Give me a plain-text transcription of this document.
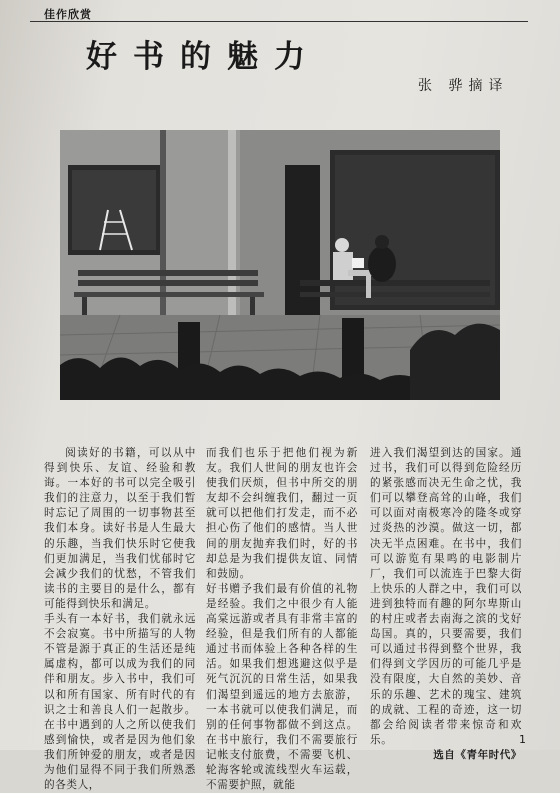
佳作欣赏
好书的魅力
张 骅摘译

阅读好的书籍，可以从中得到快乐、友谊、经验和教诲。一本好的书可以完全吸引我们的注意力，以至于我们暂时忘记了周围的一切事物甚至我们本身。读好书是人生最大的乐趣，当我们快乐时它使我们更加满足，当我们忧郁时它会减少我们的忧愁，不管我们读书的主要目的是什么，都有可能得到快乐和满足。
手头有一本好书，我们就永远不会寂寞。书中所描写的人物不管是源于真正的生活还是纯属虚构，都可以成为我们的同伴和朋友。步入书中，我们可以和所有国家、所有时代的有识之士和善良人们一起散步。在书中遇到的人之所以使我们感到愉快，或者是因为他们象我们所钟爱的朋友，或者是因为他们显得不同于我们所熟悉的各类人，

而我们也乐于把他们视为新友。我们人世间的朋友也许会使我们厌烦，但书中所交的朋友却不会纠缠我们，翻过一页就可以把他们打发走，而不必担心伤了他们的感情。当人世间的朋友抛弃我们时，好的书却总是为我们提供友谊、同情和鼓励。
好书赠予我们最有价值的礼物是经验。我们之中很少有人能高棠远游或者具有非常丰富的经验，但是我们所有的人都能通过书而体验上各种各样的生活。如果我们想逃避这似乎是死气沉沉的日常生活，如果我们渴望到遥远的地方去旅游，一本书就可以使我们满足，而别的任何事物都做不到这点。在书中旅行，我们不需要旅行记帐支付旅费，不需要飞机、轮海客轮或流线型火车运载，不需要护照，就能

进入我们渴望到达的国家。通过书，我们可以得到危险经历的紧张感而决无生命之忧，我们可以攀登高耸的山峰，我们可以面对南极寒冷的隆冬或穿过炎热的沙漠。做这一切，都决无半点困难。在书中，我们可以游览有果鸣的电影制片厂，我们可以流连于巴黎大街上快乐的人群之中，我们可以进到独特而有趣的阿尔卑斯山的村庄或者去南海之滨的戈好岛国。真的，只要需要，我们可以通过书得到整个世界，我们得到文学因历的可能几乎是没有限度，大自然的美妙、音乐的乐趣、艺术的瑰宝、建筑的成就、工程的奇迹，这一切都会给阅读者带来惊奇和欢乐。

选自《青年时代》

1
